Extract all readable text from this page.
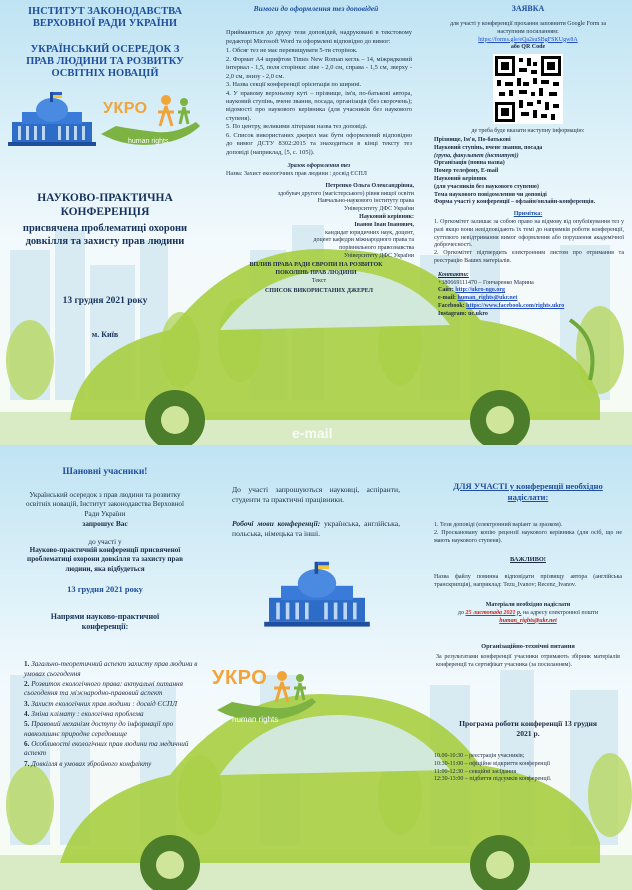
e-mail
ІНСТИТУТ ЗАКОНОДАВСТВА ВЕРХОВНОЇ РАДИ УКРАЇНИ
УКРАЇНСЬКИЙ ОСЕРЕДОК З ПРАВ ЛЮДИНИ ТА РОЗВИТКУ ОСВІТНІХ НОВАЦІЙ
УКРО
human rights
НАУКОВО-ПРАКТИЧНА КОНФЕРЕНЦІЯ
присвячена проблематиці охорони довкілля та захисту прав людини
13 грудня 2021 року
м. Київ
Вимоги до оформлення тез доповідей
Приймаються до друку тези доповідей, надруковані в текстовому редакторі Microsoft Word та оформлені відповідно до вимог:
1. Обсяг тез не має перевищувати 5-ти сторінок.
2. Формат А4 шрифтом Times New Roman кегль – 14, міжрядковий інтервал - 1,5, поля сторінки: ліве - 2,0 см, справа - 1,5 см, зверху - 2,0 см, знизу - 2,0 см.
3. Назва секції конференції орієнтація по ширині.
4. У правому верхньому куті – прізвище, ім'я, по-батькові автора, науковий ступінь, вчене звання, посада, організація (без скорочень); відомості про наукового керівника (для учасників без наукового ступеня).
5. По центру, великими літерами назва тез доповіді.
6. Список використаних джерел має бути оформлений відповідно до вимог ДСТУ 8302:2015 та знаходиться в кінці тексту тез доповіді (наприклад, [5, с. 105]).
Зразок оформлення тез
Назва: Захист екологічних прав людини : досвід ЄСПЛ
Петренко Ольга Олександрівна,
здобувач другого (магістерського) рівня вищої освіти
Навчально-наукового інституту права
Університету ДФС України
Науковий керівник:
Іванов Іван Іванович,
кандидат юридичних наук, доцент,
доцент кафедри міжнародного права та
порівняльного правознавства
Університету ДФС України
ВПЛИВ ПРАВА РАДИ ЄВРОПИ НА РОЗВИТОК ПОКОЛІНЬ ПРАВ ЛЮДИНИ
Текст
СПИСОК ВИКОРИСТАНИХ ДЖЕРЕЛ
ЗАЯВКА
для участі у конференції прохання заповнити Google Form за наступним посиланням:
https://forms.gle/eQa2suSBgFSKUgw8A
або QR Code
де треба буде вказати наступну інформацію:
Прізвище, Ім'я, По-батькові
Науковий ступінь, вчене звання, посада
(група, факультет (інститут))
Організація (повна назва)
Номер телефону, E-mail
Науковий керівник
(для учасників без наукового ступеню)
Тема наукового повідомлення чи доповіді
Форма участі у конференції – офлайн/онлайн-конференція.
Примітка:
1. Оргкомітет залишає за собою право на відмову від опублікування тез у разі якщо вони невідповідають їх темі до напрямків роботи конференції, суттєвого невідтримання вимог оформлення або порушення академічної доброчесності.
2. Оргкомітет підтвердить електронним листом про отримання та реєстрацію Ваших матеріалів.
Контакти:
+380669111470 – Гончаренко Марина
Сайт: http://ukro-ngo.org
e-mail: human_rights@ukr.net
Facebook: https://www.facebook.com/rights.ukro
Instagram: uc.ukro
Шановні учасники!
Український осередок з прав людини та розвитку освітніх новацій, Інститут законодавства Верховної Ради України
запрошує Вас
до участі у
Науково-практичній конференції присвяченої проблематиці охорони довкілля та захисту прав людини, яка відбудеться
13 грудня 2021 року
Напрями науково-практичної конференції:
1. Загально-теоретичний аспект захисту прав людини в умовах сьогодення
2. Розвиток екологічного права: актуальні питання сьогодення та міжнародно-правовий аспект
3. Захист екологічних прав людини : досвід ЄСПЛ
4. Зміна клімату : екологічна проблема
5. Правовий механізм доступу до інформації про навколишнє природне середовище
6. Особливості екологічних прав людини та медичний аспект
7. Довкілля в умовах збройного конфлікту
До участі запрошуються науковці, аспіранти, студенти та практичні працівники.
Робочі мови конференції: українська, англійська, польська, німецька та інші.
УКРО
human rights
ДЛЯ УЧАСТІ у конференції необхідно надіслати:
1. Тези доповіді (електронний варіант за зразком).
2. Проскановану копію рецензії наукового керівника (для осіб, що не мають наукового ступеня).
ВАЖЛИВО!
Назва файлу повинна відповідати прізвищу автора (англійська транскрипція), наприклад: Tezu_Ivanov; Recenz_Ivanov.
Матеріали необхідно надіслати
до 25 листопада 2021 р. на адресу електронної пошти human_rights@ukr.net
Організаційно-технічні питання
За результатами конференції учасники отримають збірник матеріалів конференції та сертифікат учасника (за посиланням).
Програма роботи конференції 13 грудня 2021 р.
10.00-10:30 – реєстрація учасників;
10:30-11:00 – офіційне відкриття конференції
11:00-12:30 – секційні засідання
12:30-13:00 – підбиття підсумків конференції.
